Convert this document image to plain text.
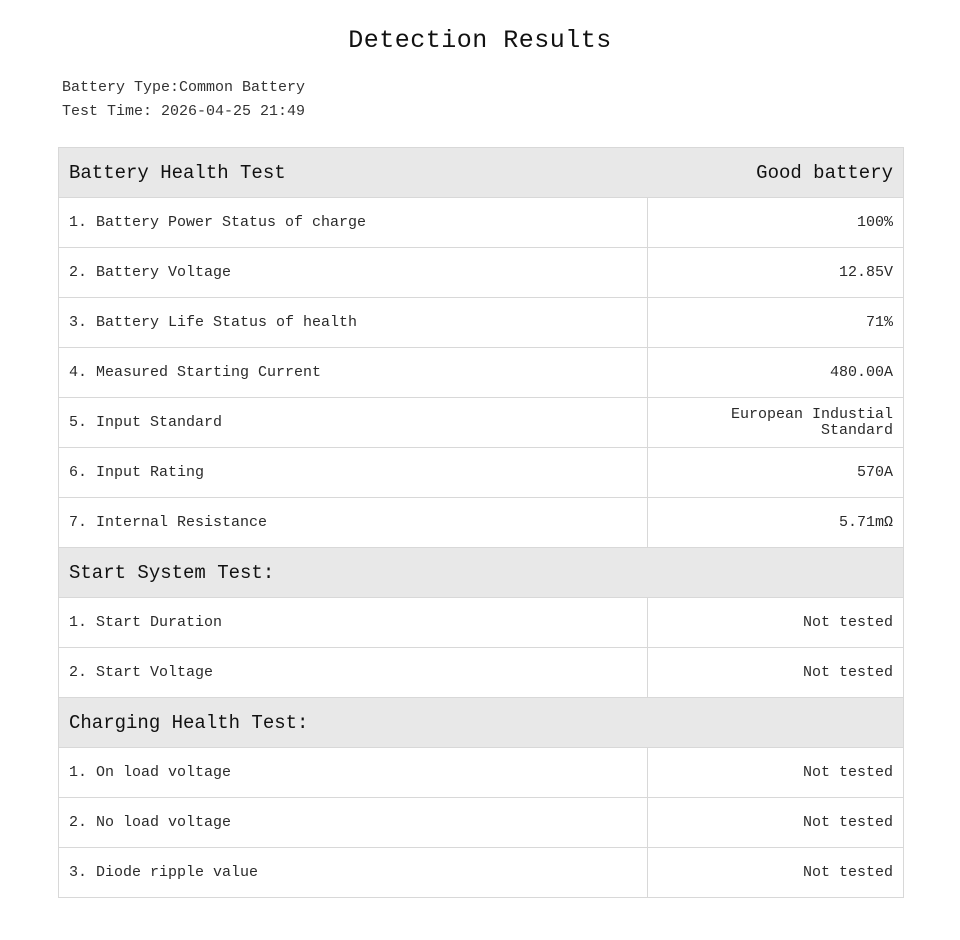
Detection Results
Battery Type:Common Battery
Test Time: 2026-04-25 21:49
Battery Health Test	Good battery
1. Battery Power Status of charge	100%
2. Battery Voltage	12.85V
3. Battery Life Status of health	71%
4. Measured Starting Current	480.00A
5. Input Standard	European Industial Standard
6. Input Rating	570A
7. Internal Resistance	5.71mΩ
Start System Test:
1. Start Duration	Not tested
2. Start Voltage	Not tested
Charging Health Test:
1. On load voltage	Not tested
2. No load voltage	Not tested
3. Diode ripple value	Not tested
